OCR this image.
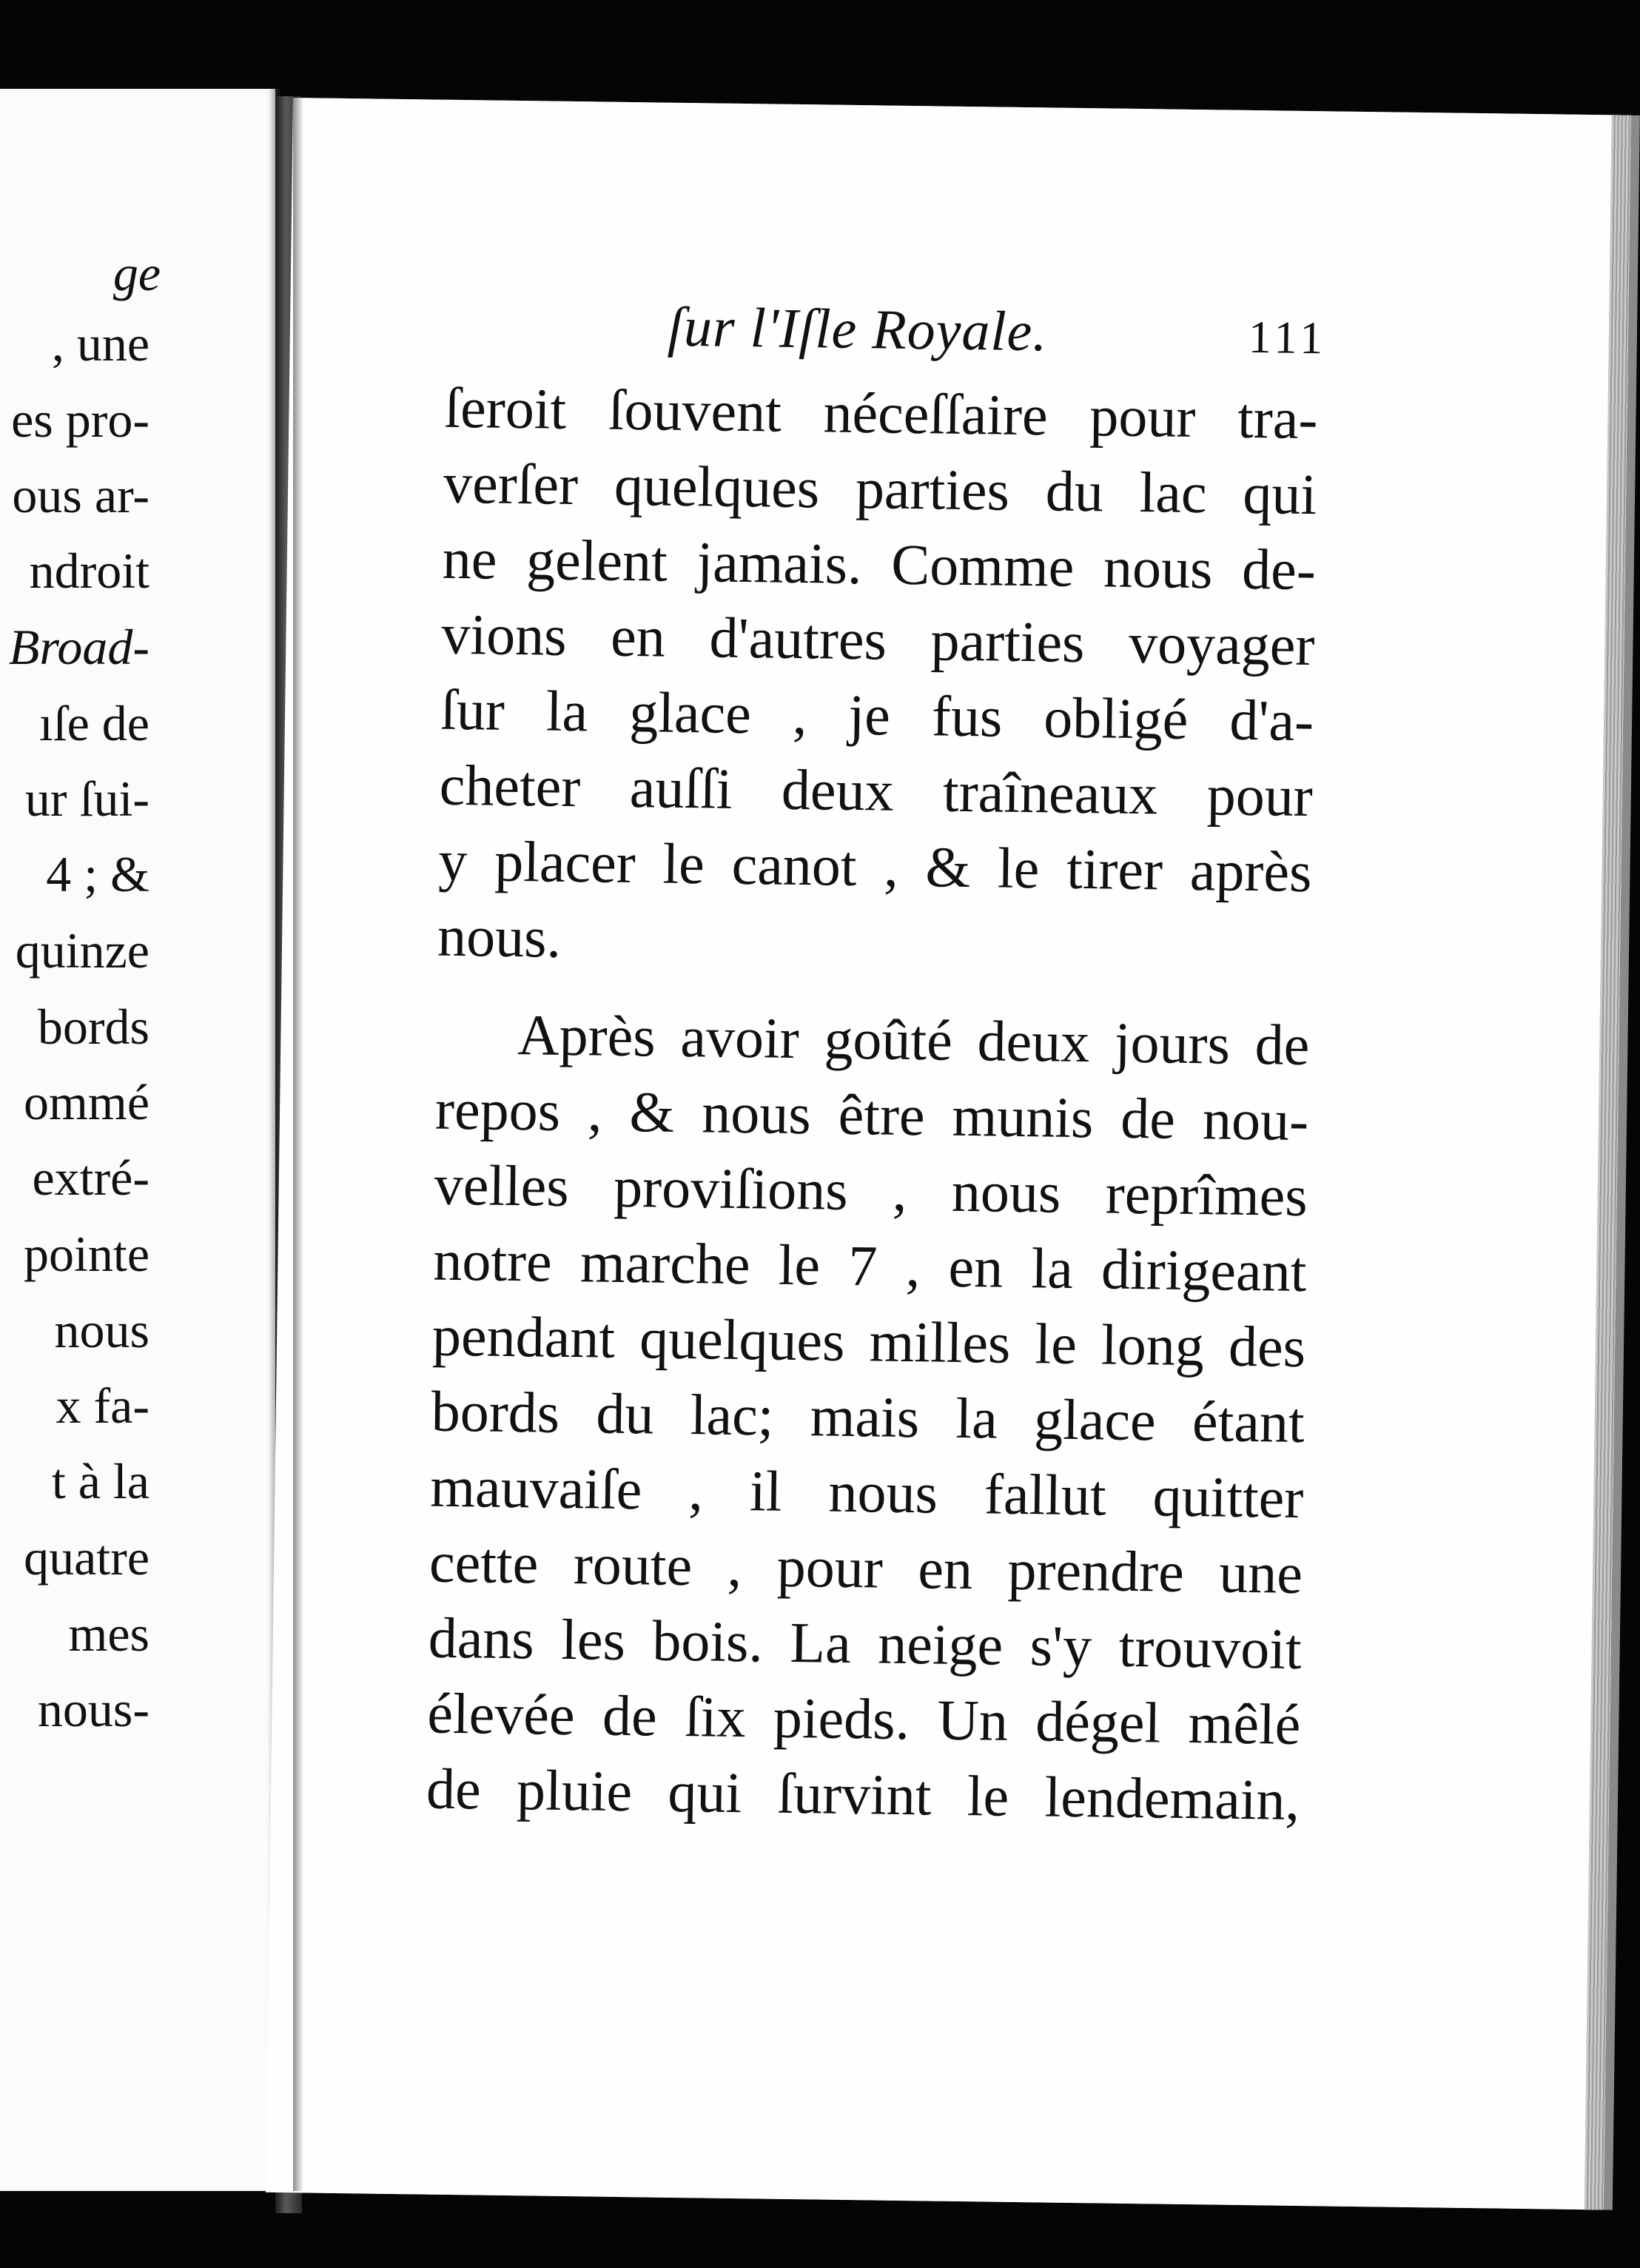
ge
, une
es pro-
ous ar-
ndroit
Broad-
ıſe de
ur ſui-
4 ; &
quinze
bords
ommé
extré-
pointe
nous
x fa-
t à la
quatre
mes
nous-
ſur l'Iſle Royale.	111
ſeroit ſouvent néceſſaire pour tra-
verſer quelques parties du lac qui
ne gelent jamais. Comme nous de-
vions en d'autres parties voyager
ſur la glace , je fus obligé d'a-
cheter auſſi deux traîneaux pour
y placer le canot , & le tirer après
nous.
Après avoir goûté deux jours de
repos , & nous être munis de nou-
velles proviſions , nous reprîmes
notre marche le 7 , en la dirigeant
pendant quelques milles le long des
bords du lac; mais la glace étant
mauvaiſe , il nous fallut quitter
cette route , pour en prendre une
dans les bois. La neige s'y trouvoit
élevée de ſix pieds. Un dégel mêlé
de pluie qui ſurvint le lendemain,
